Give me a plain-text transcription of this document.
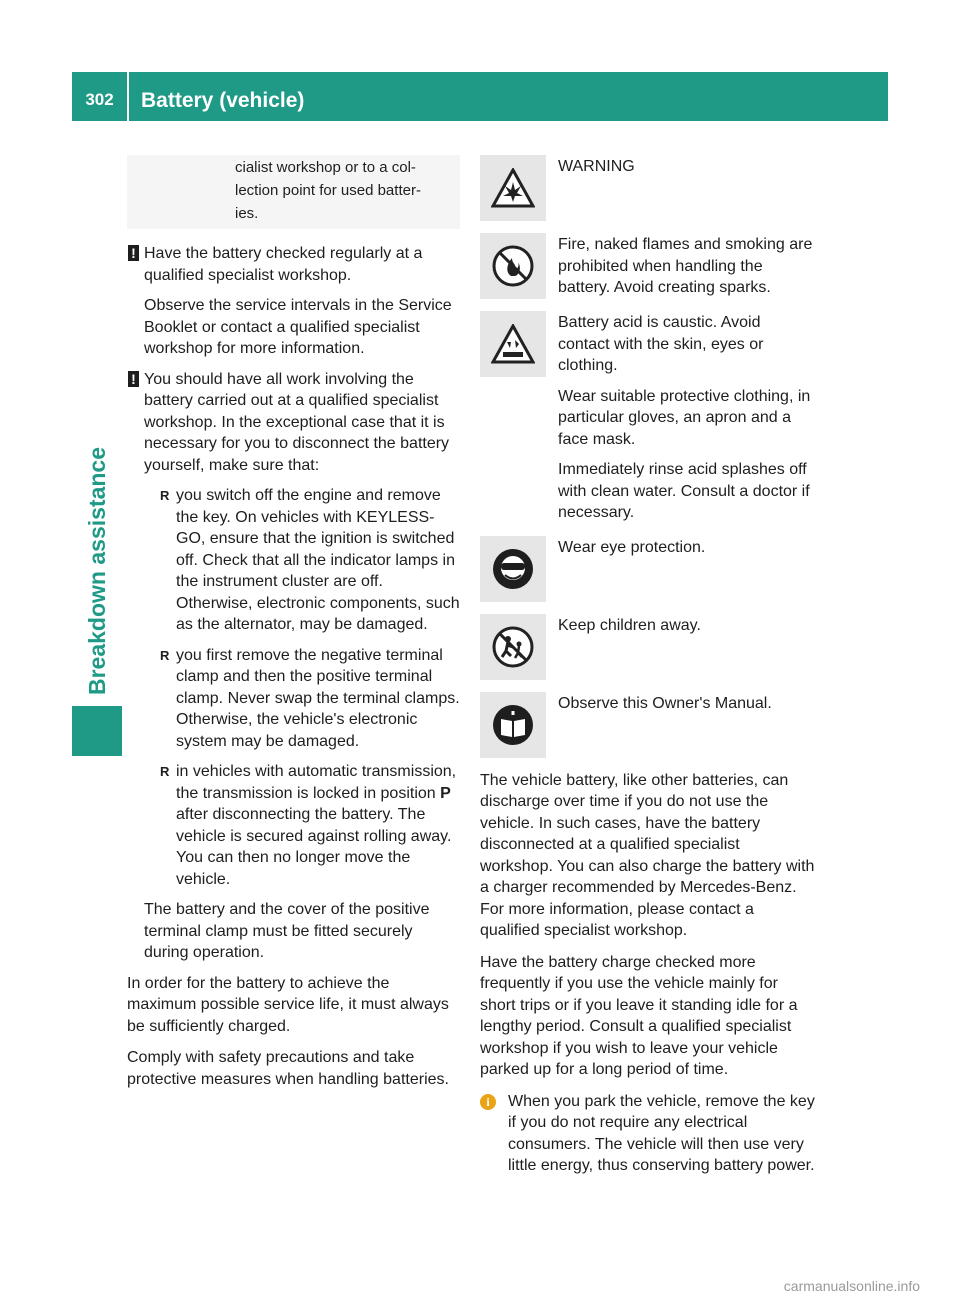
302	Battery (vehicle)
Breakdown assistance
cialist workshop or to a col-
lection point for used batter-
ies.
! Have the battery checked regularly at a qualified specialist workshop.

Observe the service intervals in the Service Booklet or contact a qualified specialist workshop for more information.

! You should have all work involving the battery carried out at a qualified specialist workshop. In the exceptional case that it is necessary for you to disconnect the battery yourself, make sure that:

R you switch off the engine and remove the key. On vehicles with KEYLESS-GO, ensure that the ignition is switched off. Check that all the indicator lamps in the instrument cluster are off. Otherwise, electronic components, such as the alternator, may be damaged.
R you first remove the negative terminal clamp and then the positive terminal clamp. Never swap the terminal clamps. Otherwise, the vehicle's electronic system may be damaged.
R in vehicles with automatic transmission, the transmission is locked in position P after disconnecting the battery. The vehicle is secured against rolling away. You can then no longer move the vehicle.

The battery and the cover of the positive terminal clamp must be fitted securely during operation.

In order for the battery to achieve the maximum possible service life, it must always be sufficiently charged.

Comply with safety precautions and take protective measures when handling batteries.

WARNING

Fire, naked flames and smoking are prohibited when handling the battery. Avoid creating sparks.

Battery acid is caustic. Avoid contact with the skin, eyes or clothing.

Wear suitable protective clothing, in particular gloves, an apron and a face mask.

Immediately rinse acid splashes off with clean water. Consult a doctor if necessary.

Wear eye protection.

Keep children away.

Observe this Owner's Manual.

The vehicle battery, like other batteries, can discharge over time if you do not use the vehicle. In such cases, have the battery disconnected at a qualified specialist workshop. You can also charge the battery with a charger recommended by Mercedes-Benz. For more information, please contact a qualified specialist workshop.

Have the battery charge checked more frequently if you use the vehicle mainly for short trips or if you leave it standing idle for a lengthy period. Consult a qualified specialist workshop if you wish to leave your vehicle parked up for a long period of time.

i	When you park the vehicle, remove the key if you do not require any electrical consumers. The vehicle will then use very little energy, thus conserving battery power.

carmanualsonline.info
